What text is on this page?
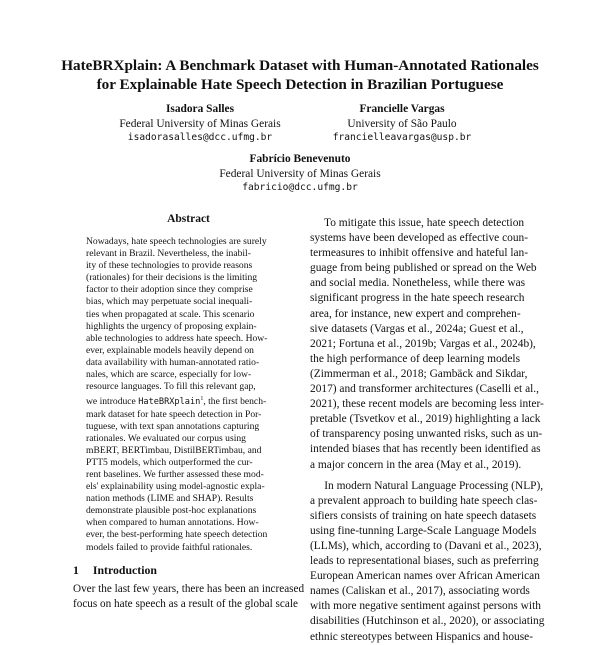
HateBRXplain: A Benchmark Dataset with Human-Annotated Rationales
for Explainable Hate Speech Detection in Brazilian Portuguese
Isadora Salles
Federal University of Minas Gerais
isadorasalles@dcc.ufmg.br
Francielle Vargas
University of São Paulo
francielleavargas@usp.br
Fabrício Benevenuto
Federal University of Minas Gerais
fabricio@dcc.ufmg.br
Abstract
Nowadays, hate speech technologies are surely
relevant in Brazil. Nevertheless, the inabil-
ity of these technologies to provide reasons
(rationales) for their decisions is the limiting
factor to their adoption since they comprise
bias, which may perpetuate social inequali-
ties when propagated at scale. This scenario
highlights the urgency of proposing explain-
able technologies to address hate speech. How-
ever, explainable models heavily depend on
data availability with human-annotated ratio-
nales, which are scarce, especially for low-
resource languages. To fill this relevant gap,
we introduce HateBRXplain$^1$, the first bench-
mark dataset for hate speech detection in Por-
tuguese, with text span annotations capturing
rationales. We evaluated our corpus using
mBERT, BERTimbau, DistilBERTimbau, and
PTT5 models, which outperformed the cur-
rent baselines. We further assessed these mod-
els' explainability using model-agnostic expla-
nation methods (LIME and SHAP). Results
demonstrate plausible post-hoc explanations
when compared to human annotations. How-
ever, the best-performing hate speech detection
models failed to provide faithful rationales.
1 Introduction
Over the last few years, there has been an increased
focus on hate speech as a result of the global scale
To mitigate this issue, hate speech detection
systems have been developed as effective coun-
termeasures to inhibit offensive and hateful lan-
guage from being published or spread on the Web
and social media. Nonetheless, while there was
significant progress in the hate speech research
area, for instance, new expert and comprehen-
sive datasets (Vargas et al., 2024a; Guest et al.,
2021; Fortuna et al., 2019b; Vargas et al., 2024b),
the high performance of deep learning models
(Zimmerman et al., 2018; Gambäck and Sikdar,
2017) and transformer architectures (Caselli et al.,
2021), these recent models are becoming less inter-
pretable (Tsvetkov et al., 2019) highlighting a lack
of transparency posing unwanted risks, such as un-
intended biases that has recently been identified as
a major concern in the area (May et al., 2019).
In modern Natural Language Processing (NLP),
a prevalent approach to building hate speech clas-
sifiers consists of training on hate speech datasets
using fine-tunning Large-Scale Language Models
(LLMs), which, according to (Davani et al., 2023),
leads to representational biases, such as preferring
European American names over African American
names (Caliskan et al., 2017), associating words
with more negative sentiment against persons with
disabilities (Hutchinson et al., 2020), or associating
ethnic stereotypes between Hispanics and house-
